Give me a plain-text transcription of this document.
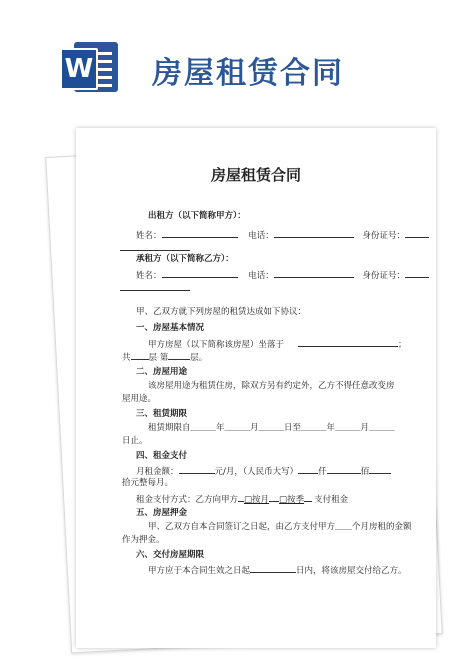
W 房屋租赁合同
房屋租赁合同
出租方（以下简称甲方）：
姓名：	电话：	身份证号：
承租方（以下简称乙方）：
姓名：	电话：	身份证号：
甲、乙双方就下列房屋的租赁达成如下协议：
一、房屋基本情况
甲方房屋（以下简称该房屋）坐落于	；
共 层 第	层。
二、房屋用途
该房屋用途为租赁住房，除双方另有约定外，乙方不得任意改变房
屋用途。
三、租赁期限
租赁期限自＿＿＿年＿＿＿月＿＿＿日至＿＿＿年＿＿＿月＿＿＿
日止。
四、租金支付
月租金额：	元/月，（人民币大写） 仟	佰
拾元整每月。
租金支付方式：乙方向甲方 □按月 □按季 支付租金
五、房屋押金
甲、乙双方自本合同签订之日起，由乙方支付甲方＿＿个月房租的金额
作为押金。
六、交付房屋期限
甲方应于本合同生效之日起	日内，将该房屋交付给乙方。
